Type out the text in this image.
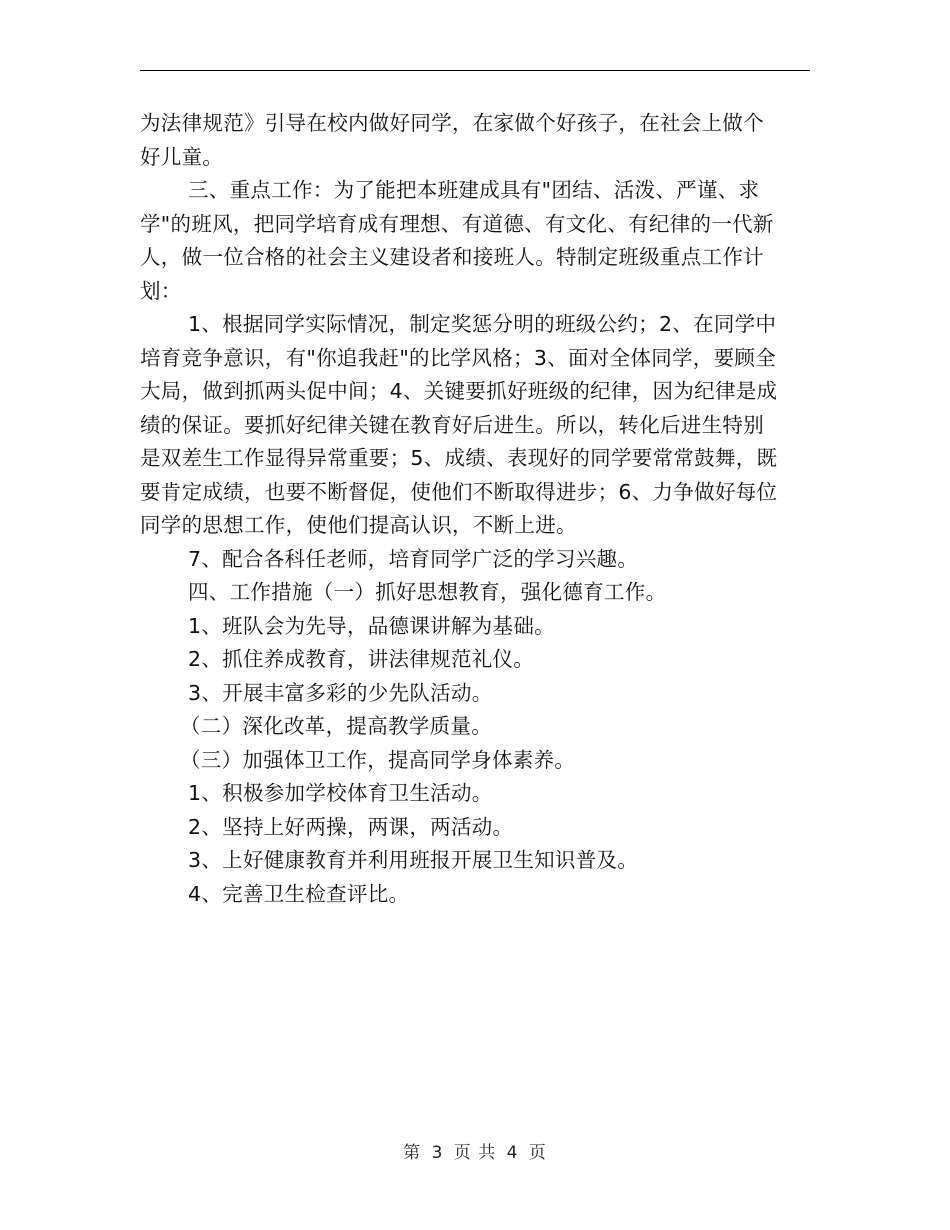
为法律规范》引导在校内做好同学，在家做个好孩子，在社会上做个
好儿童。
三、重点工作：为了能把本班建成具有"团结、活泼、严谨、求
学"的班风，把同学培育成有理想、有道德、有文化、有纪律的一代新
人，做一位合格的社会主义建设者和接班人。特制定班级重点工作计
划：
1、根据同学实际情况，制定奖惩分明的班级公约；2、在同学中
培育竞争意识，有"你追我赶"的比学风格；3、面对全体同学，要顾全
大局，做到抓两头促中间；4、关键要抓好班级的纪律，因为纪律是成
绩的保证。要抓好纪律关键在教育好后进生。所以，转化后进生特别
是双差生工作显得异常重要；5、成绩、表现好的同学要常常鼓舞，既
要肯定成绩，也要不断督促，使他们不断取得进步；6、力争做好每位
同学的思想工作，使他们提高认识，不断上进。
7、配合各科任老师，培育同学广泛的学习兴趣。
四、工作措施（一）抓好思想教育，强化德育工作。
1、班队会为先导，品德课讲解为基础。
2、抓住养成教育，讲法律规范礼仪。
3、开展丰富多彩的少先队活动。
（二）深化改革，提高教学质量。
（三）加强体卫工作，提高同学身体素养。
1、积极参加学校体育卫生活动。
2、坚持上好两操，两课，两活动。
3、上好健康教育并利用班报开展卫生知识普及。
4、完善卫生检查评比。
第 3 页 共 4 页
